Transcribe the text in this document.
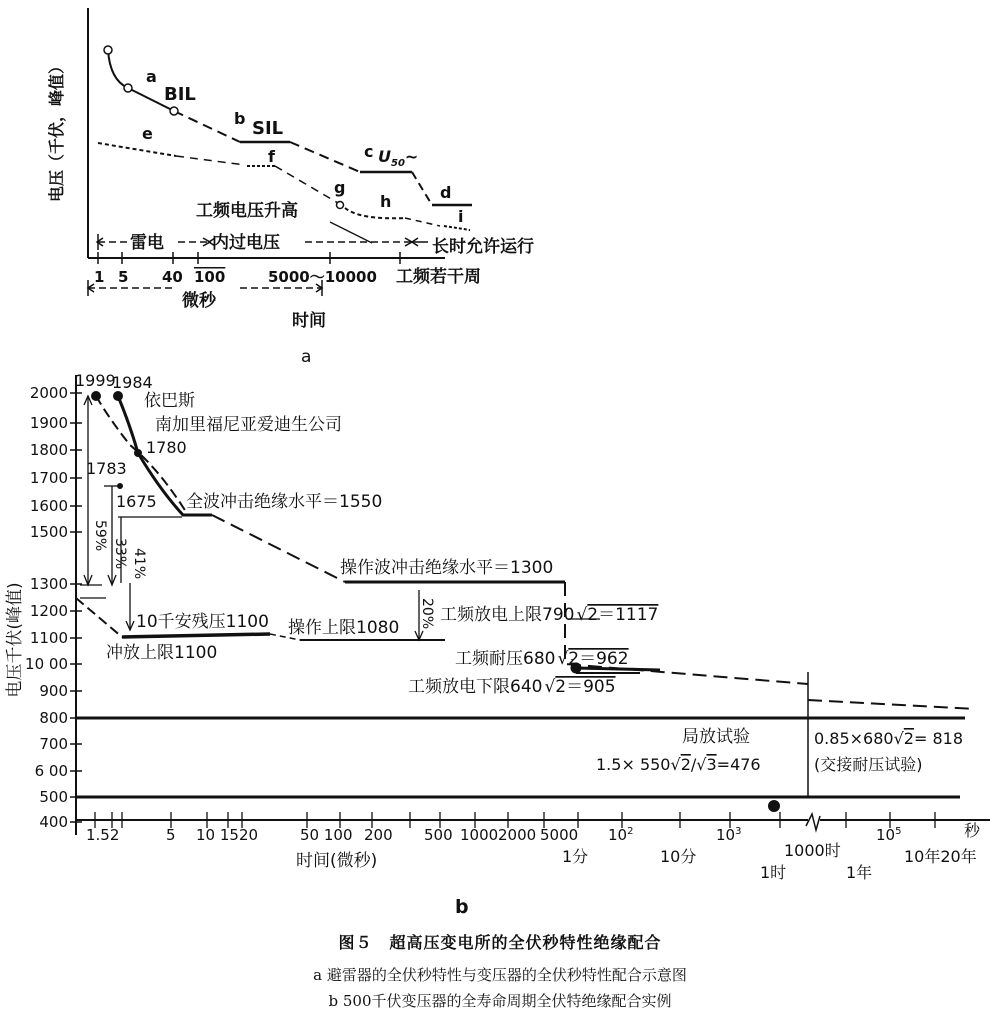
电压（千伏，峰值）	a
BIL
b SIL
c $U_{50}\sim$
d
e
f
g
h
i
工频电压升高
雷电	内过电压	长时允许运行
1 5 40 100	5000～10000 工频若干周
微秒
时间
a
2000
1900
1800
1700
1600
1500
1300
1200
1100
10 00
900
800
700
6 00
500
400
电压千伏(峰值)
1.52	5 10 1520	50 100 200 500 1000 2000 5000 $10^2$	$10^3$	$10^5$	秒
1分	10分
1时
1000时
1年
10年20年
时间(微秒)
1999
1984
依巴斯
南加里福尼亚爱迪生公司
1780
1783
1675 全波冲击绝缘水平＝1550
操作波冲击绝缘水平＝1300
10千安残压1100 操作上限1080
冲放上限1100
59%
33% 41%
20% 工频放电上限790 √2＝1117
工频耐压680 √2＝962
工频放电下限640 √2＝905
局放试验
1.5× 550√2/√3=476
0.85×680√2= 818
(交接耐压试验)
b
图５　超高压变电所的全伏秒特性绝缘配合
a 避雷器的全伏秒特性与变压器的全伏秒特性配合示意图
b 500千伏变压器的全寿命周期全伏特绝缘配合实例
